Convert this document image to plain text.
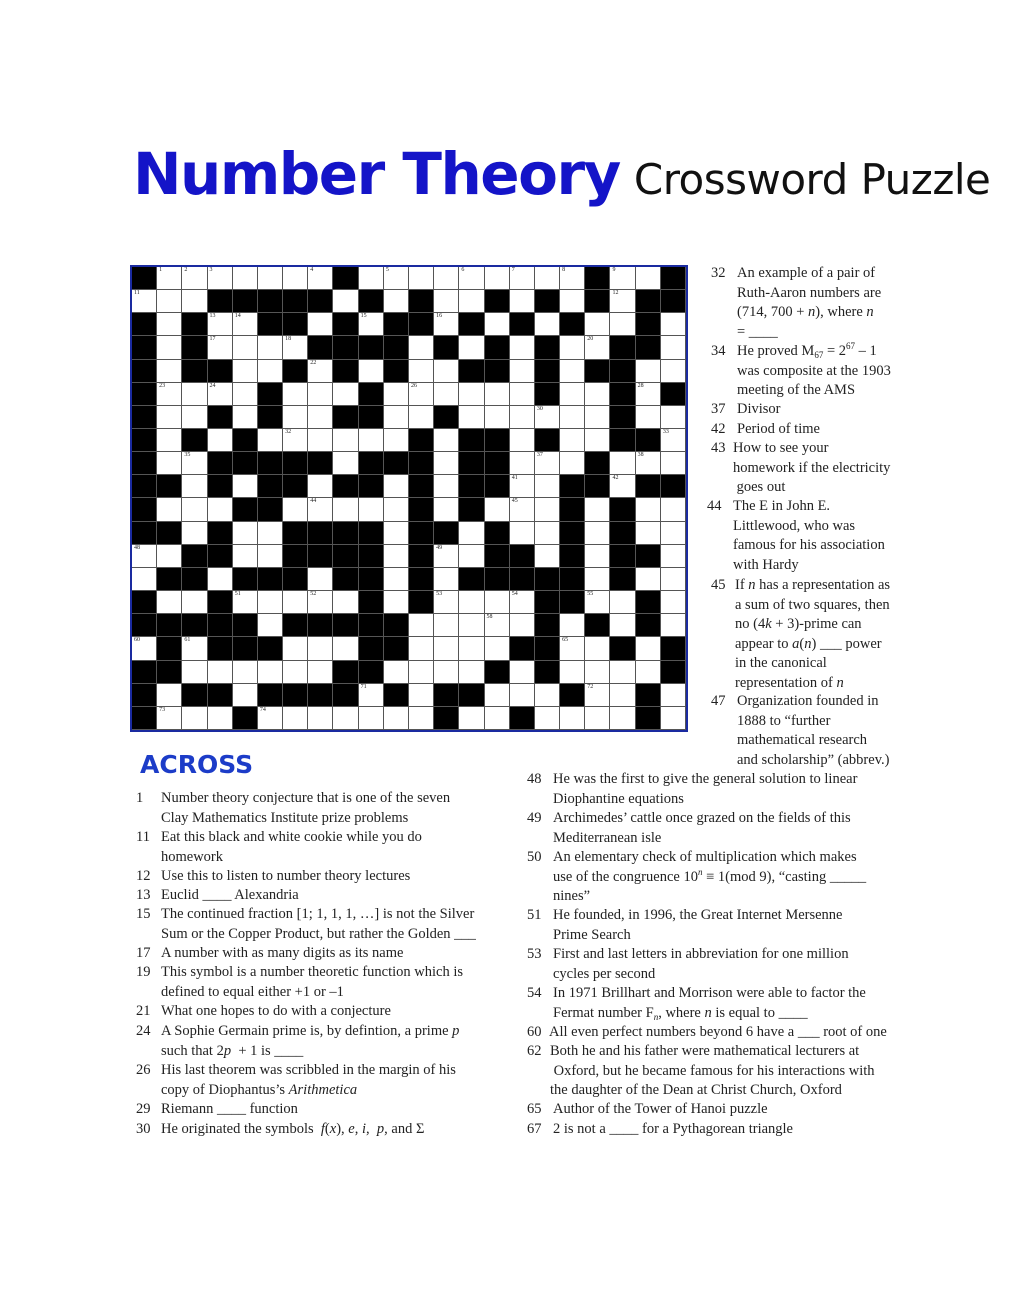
Number Theory Crossword Puzzle
1	2	3	4	5	6	7	8	9
11	12
13	14	15	16
17	18	20
22
23	24	26	28
30
32	33
35	37	38
41	42
44	45
48	49
51	52	53	54	55
58
60	61	65
71	72
73	74
ACROSS
32 An example of a pair of
Ruth-Aaron numbers are
(714, 700 + n), where n
= ____
34 He proved $M_{67} = 2^{67} - 1$
was composite at the 1903
meeting of the AMS
37 Divisor
42 Period of time
43 How to see your
homework if the electricity
goes out
44 The E in John E.
Littlewood, who was
famous for his association
with Hardy
45 If n has a representation as
a sum of two squares, then
no (4k + 3)-prime can
appear to a(n) ___ power
in the canonical
representation of n
47 Organization founded in
1888 to “further
mathematical research
and scholarship” (abbrev.)
1	Number theory conjecture that is one of the seven
Clay Mathematics Institute prize problems
11 Eat this black and white cookie while you do
homework
12 Use this to listen to number theory lectures
13 Euclid ____ Alexandria
15 The continued fraction [1; 1, 1, 1, …] is not the Silver
Sum or the Copper Product, but rather the Golden ___
17 A number with as many digits as its name
19 This symbol is a number theoretic function which is
defined to equal either +1 or –1
21 What one hopes to do with a conjecture
24 A Sophie Germain prime is, by defintion, a prime p
such that 2p  + 1 is ____
26 His last theorem was scribbled in the margin of his
copy of Diophantus’s Arithmetica
29 Riemann ____ function
30 He originated the symbols  f(x), e, i,  p, and Σ
48 He was the first to give the general solution to linear
Diophantine equations
49 Archimedes’ cattle once grazed on the fields of this
Mediterranean isle
50 An elementary check of multiplication which makes
use of the congruence $10^n \equiv 1(mod$ 9), “casting _____
nines”
51 He founded, in 1996, the Great Internet Mersenne
Prime Search
53 First and last letters in abbreviation for one million
cycles per second
54 In 1971 Brillhart and Morrison were able to factor the
Fermat number $F_n$, where n is equal to ____
60 All even perfect numbers beyond 6 have a ___ root of one
62 Both he and his father were mathematical lecturers at
Oxford, but he became famous for his interactions with
the daughter of the Dean at Christ Church, Oxford
65 Author of the Tower of Hanoi puzzle
67 2 is not a ____ for a Pythagorean triangle
